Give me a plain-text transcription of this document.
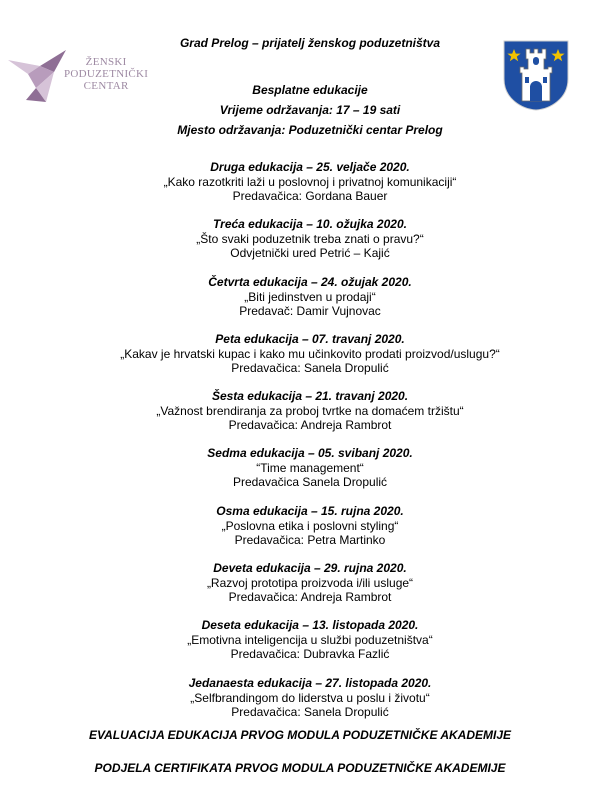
ŽENSKI
PODUZETNIČKI
CENTAR
Grad Prelog – prijatelj ženskog poduzetništva
Besplatne edukacije
Vrijeme održavanja: 17 – 19 sati
Mjesto održavanja: Poduzetnički centar Prelog
Druga edukacija – 25. veljače 2020.
„Kako razotkriti laži u poslovnoj i privatnoj komunikaciji“
Predavačica: Gordana Bauer
Treća edukacija – 10. ožujka 2020.
„Što svaki poduzetnik treba znati o pravu?“
Odvjetnički ured Petrić – Kajić
Četvrta edukacija – 24. ožujak 2020.
„Biti jedinstven u prodaji“
Predavač: Damir Vujnovac
Peta edukacija – 07. travanj 2020.
„Kakav je hrvatski kupac i kako mu učinkovito prodati proizvod/uslugu?“
Predavačica: Sanela Dropulić
Šesta edukacija – 21. travanj 2020.
„Važnost brendiranja za proboj tvrtke na domaćem tržištu“
Predavačica: Andreja Rambrot
Sedma edukacija – 05. svibanj 2020.
“Time management“
Predavačica Sanela Dropulić
Osma edukacija – 15. rujna 2020.
„Poslovna etika i poslovni styling“
Predavačica: Petra Martinko
Deveta edukacija – 29. rujna 2020.
„Razvoj prototipa proizvoda i/ili usluge“
Predavačica: Andreja Rambrot
Deseta edukacija – 13. listopada 2020.
„Emotivna inteligencija u službi poduzetništva“
Predavačica: Dubravka Fazlić
Jedanaesta edukacija – 27. listopada 2020.
„Selfbrandingom do liderstva u poslu i životu“
Predavačica: Sanela Dropulić
EVALUACIJA EDUKACIJA PRVOG MODULA PODUZETNIČKE AKADEMIJE
PODJELA CERTIFIKATA PRVOG MODULA PODUZETNIČKE AKADEMIJE
